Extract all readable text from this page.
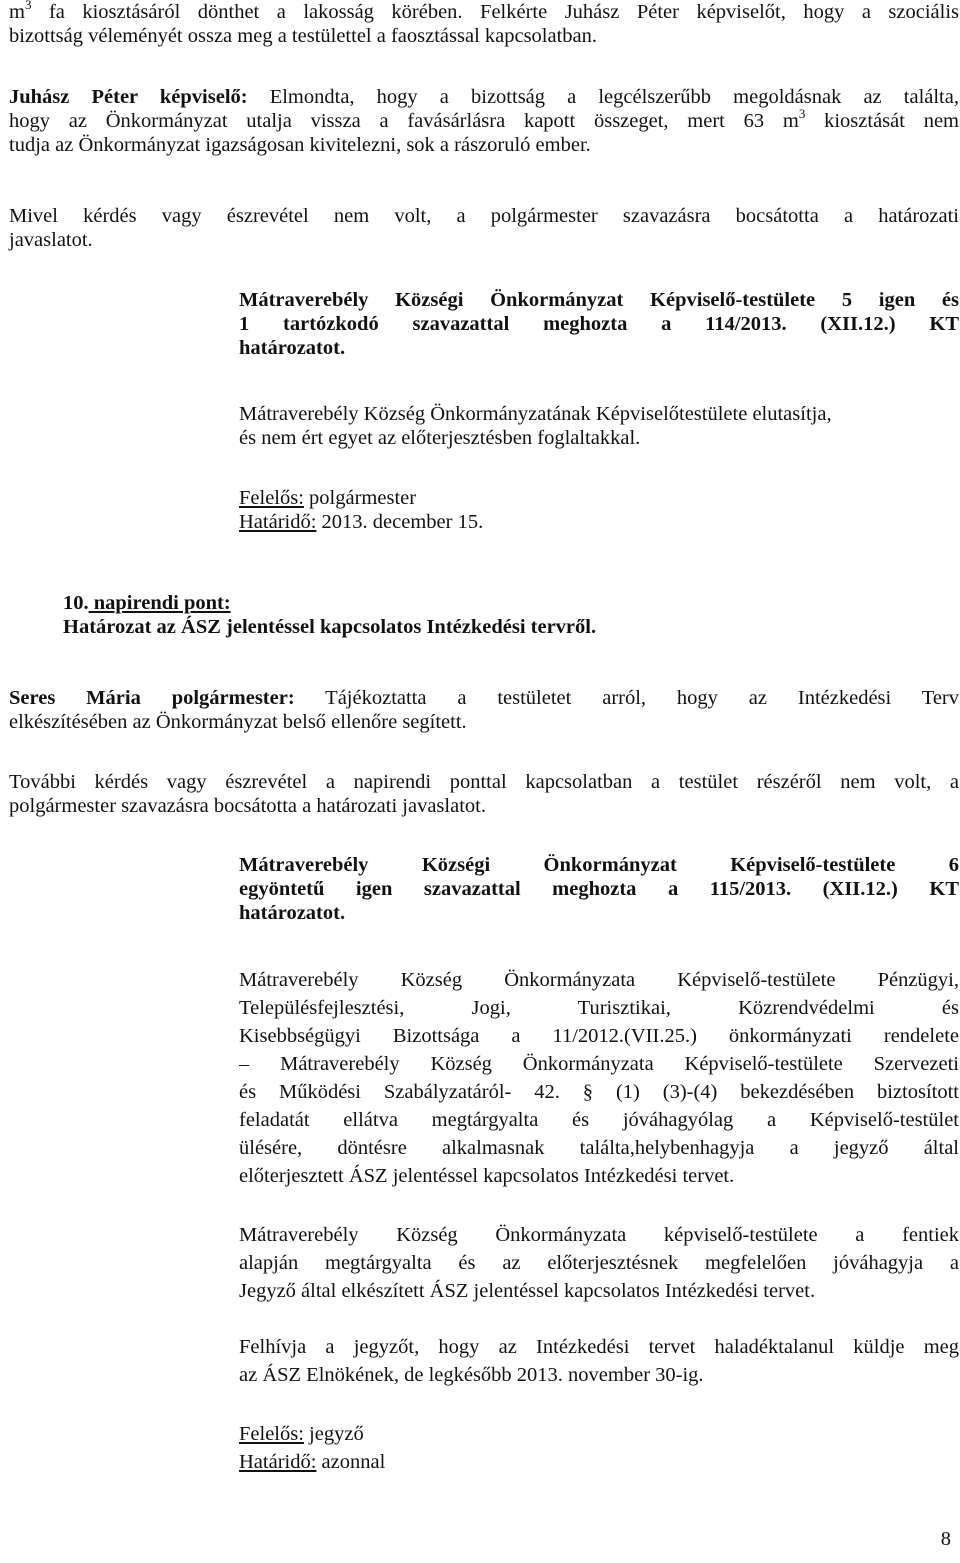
$m^3$ fa kiosztásáról dönthet a lakosság körében. Felkérte Juhász Péter képviselőt, hogy a szociális
bizottság véleményét ossza meg a testülettel a faosztással kapcsolatban.
Juhász Péter képviselő: Elmondta, hogy a bizottság a legcélszerűbb megoldásnak az találta,
hogy az Önkormányzat utalja vissza a favásárlásra kapott összeget, mert 63 $m^3$ kiosztását nem
tudja az Önkormányzat igazságosan kivitelezni, sok a rászoruló ember.
Mivel kérdés vagy észrevétel nem volt, a polgármester szavazásra bocsátotta a határozati
javaslatot.
Mátraverebély Községi Önkormányzat Képviselő-testülete 5 igen és
1 tartózkodó szavazattal meghozta a 114/2013. (XII.12.) KT
határozatot.
Mátraverebély Község Önkormányzatának Képviselőtestülete elutasítja,
és nem ért egyet az előterjesztésben foglaltakkal.
Felelős: polgármester
Határidő: 2013. december 15.
10. napirendi pont:
Határozat az ÁSZ jelentéssel kapcsolatos Intézkedési tervről.
Seres Mária polgármester: Tájékoztatta a testületet arról, hogy az Intézkedési Terv
elkészítésében az Önkormányzat belső ellenőre segített.
További kérdés vagy észrevétel a napirendi ponttal kapcsolatban a testület részéről nem volt, a
polgármester szavazásra bocsátotta a határozati javaslatot.
Mátraverebély Községi Önkormányzat Képviselő-testülete 6
egyöntetű igen szavazattal meghozta a 115/2013. (XII.12.) KT
határozatot.
Mátraverebély Község Önkormányzata Képviselő-testülete Pénzügyi,
Településfejlesztési, Jogi, Turisztikai, Közrendvédelmi és
Kisebbségügyi Bizottsága a 11/2012.(VII.25.) önkormányzati rendelete
– Mátraverebély Község Önkormányzata Képviselő-testülete Szervezeti
és Működési Szabályzatáról- 42. § (1) (3)-(4) bekezdésében biztosított
feladatát ellátva megtárgyalta és jóváhagyólag a Képviselő-testület
ülésére, döntésre alkalmasnak találta,helybenhagyja a jegyző által
előterjesztett ÁSZ jelentéssel kapcsolatos Intézkedési tervet.
Mátraverebély Község Önkormányzata képviselő-testülete a fentiek
alapján megtárgyalta és az előterjesztésnek megfelelően jóváhagyja a
Jegyző által elkészített ÁSZ jelentéssel kapcsolatos Intézkedési tervet.
Felhívja a jegyzőt, hogy az Intézkedési tervet haladéktalanul küldje meg
az ÁSZ Elnökének, de legkésőbb 2013. november 30-ig.
Felelős: jegyző
Határidő: azonnal
8
